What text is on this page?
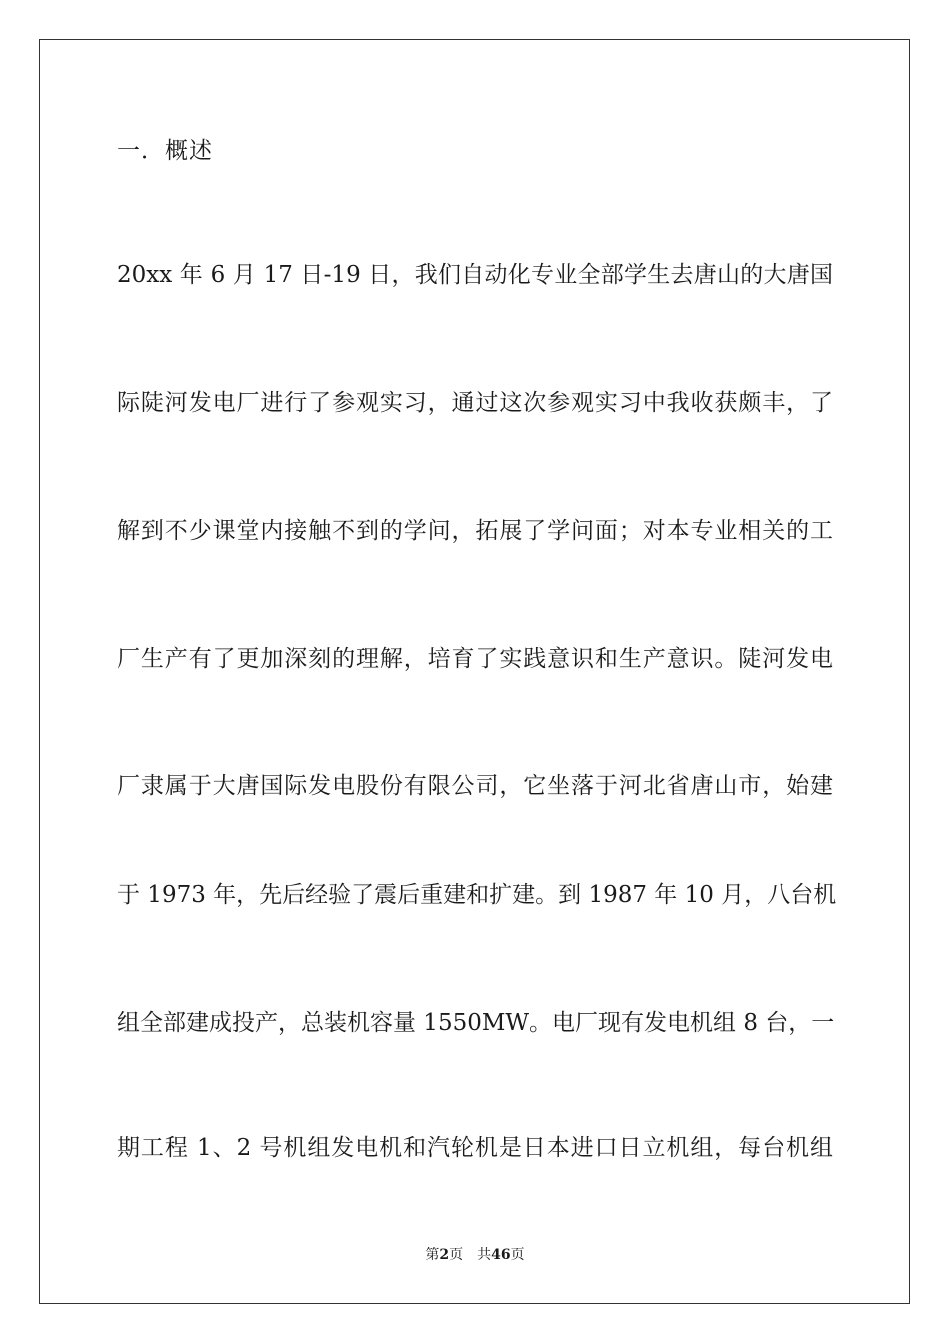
一．概述
20xx 年 6 月 17 日-19 日，我们自动化专业全部学生去唐山的大唐国
际陡河发电厂进行了参观实习，通过这次参观实习中我收获颇丰，了
解到不少课堂内接触不到的学问，拓展了学问面；对本专业相关的工
厂生产有了更加深刻的理解，培育了实践意识和生产意识。陡河发电
厂隶属于大唐国际发电股份有限公司，它坐落于河北省唐山市，始建
于 1973 年，先后经验了震后重建和扩建。到 1987 年 10 月，八台机
组全部建成投产，总装机容量 1550MW。电厂现有发电机组 8 台，一
期工程 1、2 号机组发电机和汽轮机是日本进口日立机组，每台机组
第2页 共46页
